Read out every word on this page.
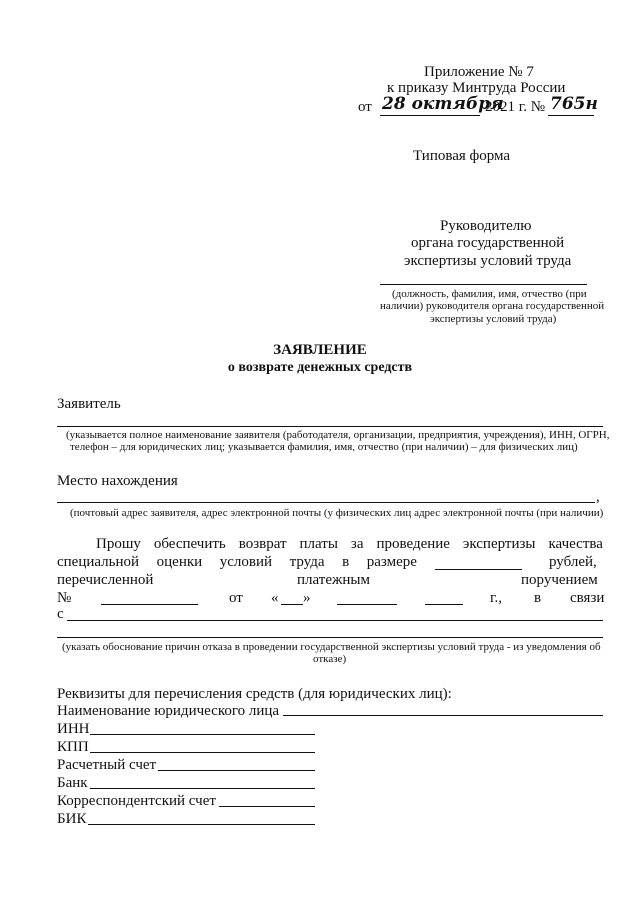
Приложение № 7
к приказу Минтруда России
от 28 октября
2021 г. № 765н
Типовая форма
Руководителю
органа государственной
экспертизы условий труда
(должность, фамилия, имя, отчество (при
наличии) руководителя органа государственной
экспертизы условий труда)
ЗАЯВЛЕНИЕ
о возврате денежных средств
Заявитель
(указывается полное наименование заявителя (работодателя, организации, предприятия, учреждения), ИНН, ОГРН,
телефон – для юридических лиц; указывается фамилия, имя, отчество (при наличии) – для физических лиц)
Место нахождения
,
(почтовый адрес заявителя, адрес электронной почты (у физических лиц адрес электронной почты (при наличии)
Прошу обеспечить возврат платы за проведение экспертизы качества
специальной оценки условий труда в размере	рублей,
перечисленной	платежным	поручением
№	от « »	г., в связи
с
(указать обоснование причин отказа в проведении государственной экспертизы условий труда - из уведомления об
отказе)
Реквизиты для перечисления средств (для юридических лиц):
Наименование юридического лица
ИНН
КПП
Расчетный счет
Банк
Корреспондентский счет
БИК
